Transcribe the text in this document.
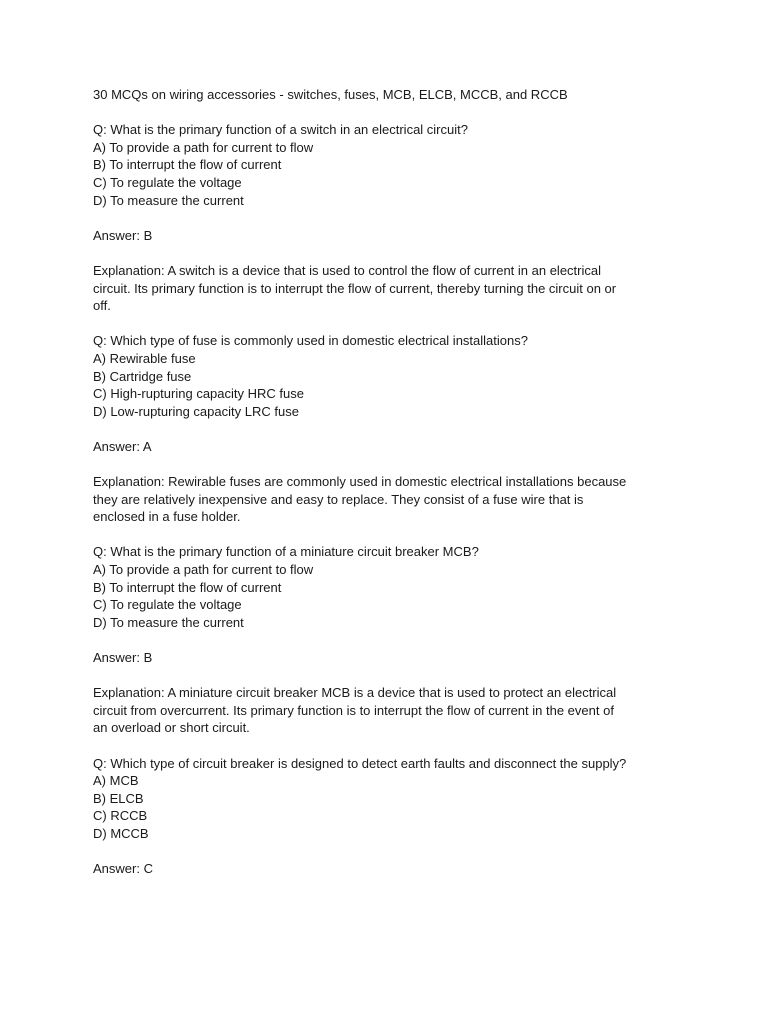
30 MCQs on wiring accessories - switches, fuses, MCB, ELCB, MCCB, and RCCB

Q: What is the primary function of a switch in an electrical circuit?

A) To provide a path for current to flow

B) To interrupt the flow of current

C) To regulate the voltage

D) To measure the current

Answer: B

Explanation: A switch is a device that is used to control the flow of current in an electrical

circuit. Its primary function is to interrupt the flow of current, thereby turning the circuit on or

off.

Q: Which type of fuse is commonly used in domestic electrical installations?

A) Rewirable fuse

B) Cartridge fuse

C) High-rupturing capacity HRC fuse

D) Low-rupturing capacity LRC fuse

Answer: A

Explanation: Rewirable fuses are commonly used in domestic electrical installations because

they are relatively inexpensive and easy to replace. They consist of a fuse wire that is

enclosed in a fuse holder.

Q: What is the primary function of a miniature circuit breaker MCB?

A) To provide a path for current to flow

B) To interrupt the flow of current

C) To regulate the voltage

D) To measure the current

Answer: B

Explanation: A miniature circuit breaker MCB is a device that is used to protect an electrical

circuit from overcurrent. Its primary function is to interrupt the flow of current in the event of

an overload or short circuit.

Q: Which type of circuit breaker is designed to detect earth faults and disconnect the supply?

A) MCB

B) ELCB

C) RCCB

D) MCCB

Answer: C
